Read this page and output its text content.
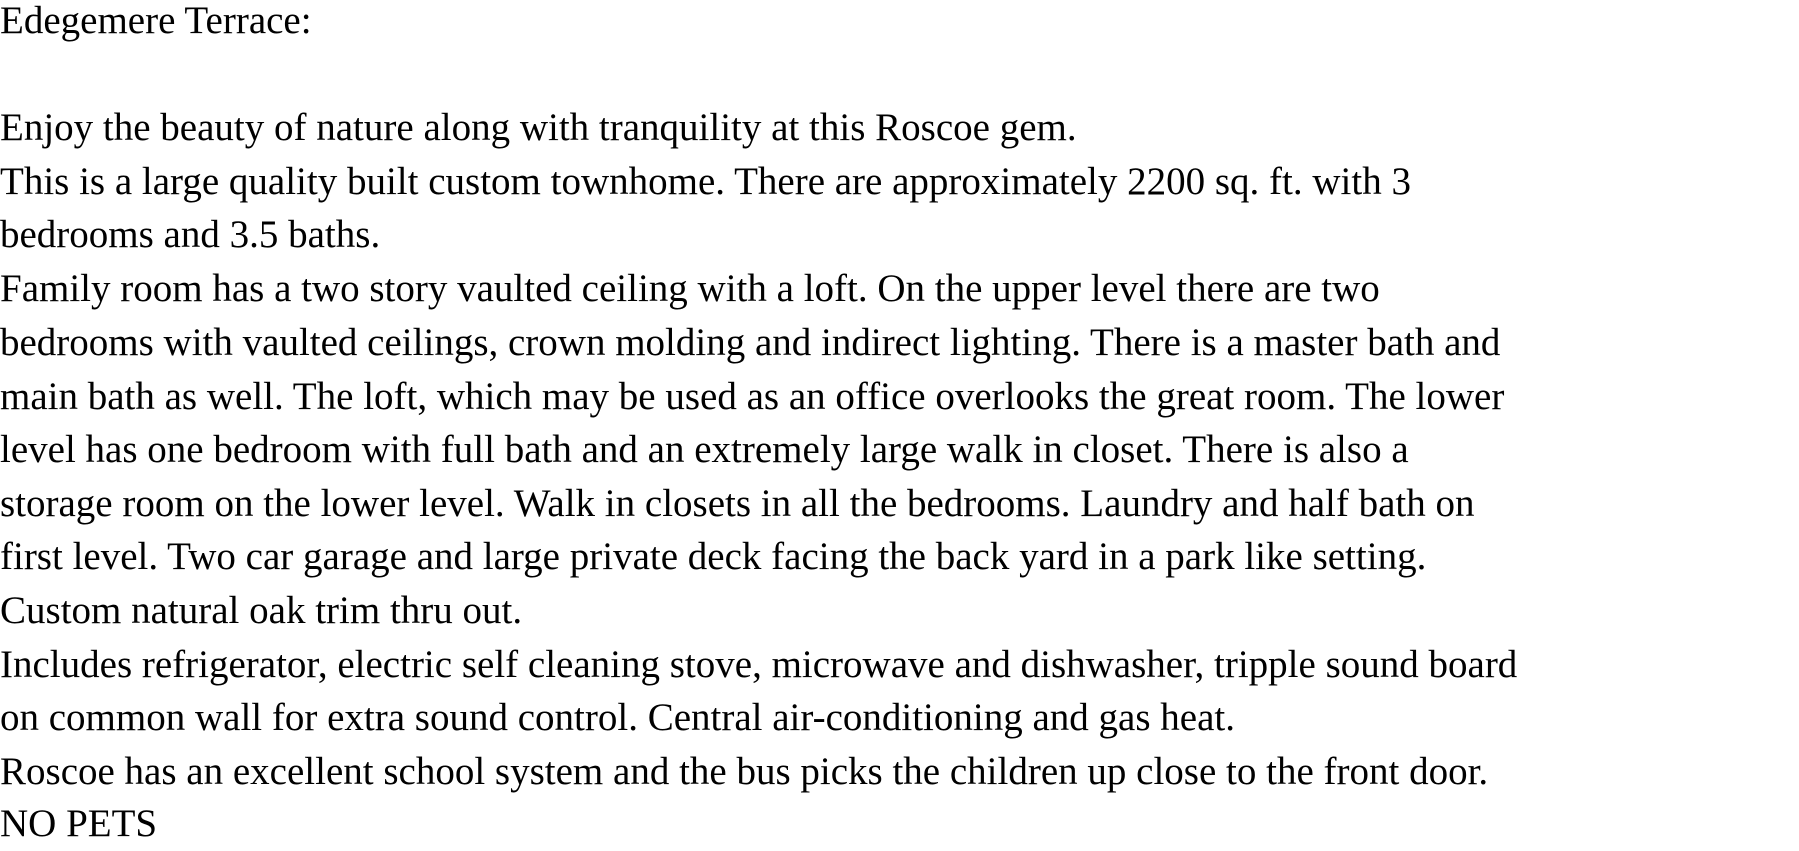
Edegemere Terrace:

Enjoy the beauty of nature along with tranquility at this Roscoe gem.

This is a large quality built custom townhome. There are approximately 2200 sq. ft. with 3

bedrooms and 3.5 baths.

Family room has a two story vaulted ceiling with a loft. On the upper level there are two

bedrooms with vaulted ceilings, crown molding and indirect lighting. There is a master bath and

main bath as well. The loft, which may be used as an office overlooks the great room. The lower

level has one bedroom with full bath and an extremely large walk in closet. There is also a

storage room on the lower level. Walk in closets in all the bedrooms. Laundry and half bath on

first level. Two car garage and large private deck facing the back yard in a park like setting.

Custom natural oak trim thru out.

Includes refrigerator, electric self cleaning stove, microwave and dishwasher, tripple sound board

on common wall for extra sound control. Central air-conditioning and gas heat.

Roscoe has an excellent school system and the bus picks the children up close to the front door.

NO PETS
